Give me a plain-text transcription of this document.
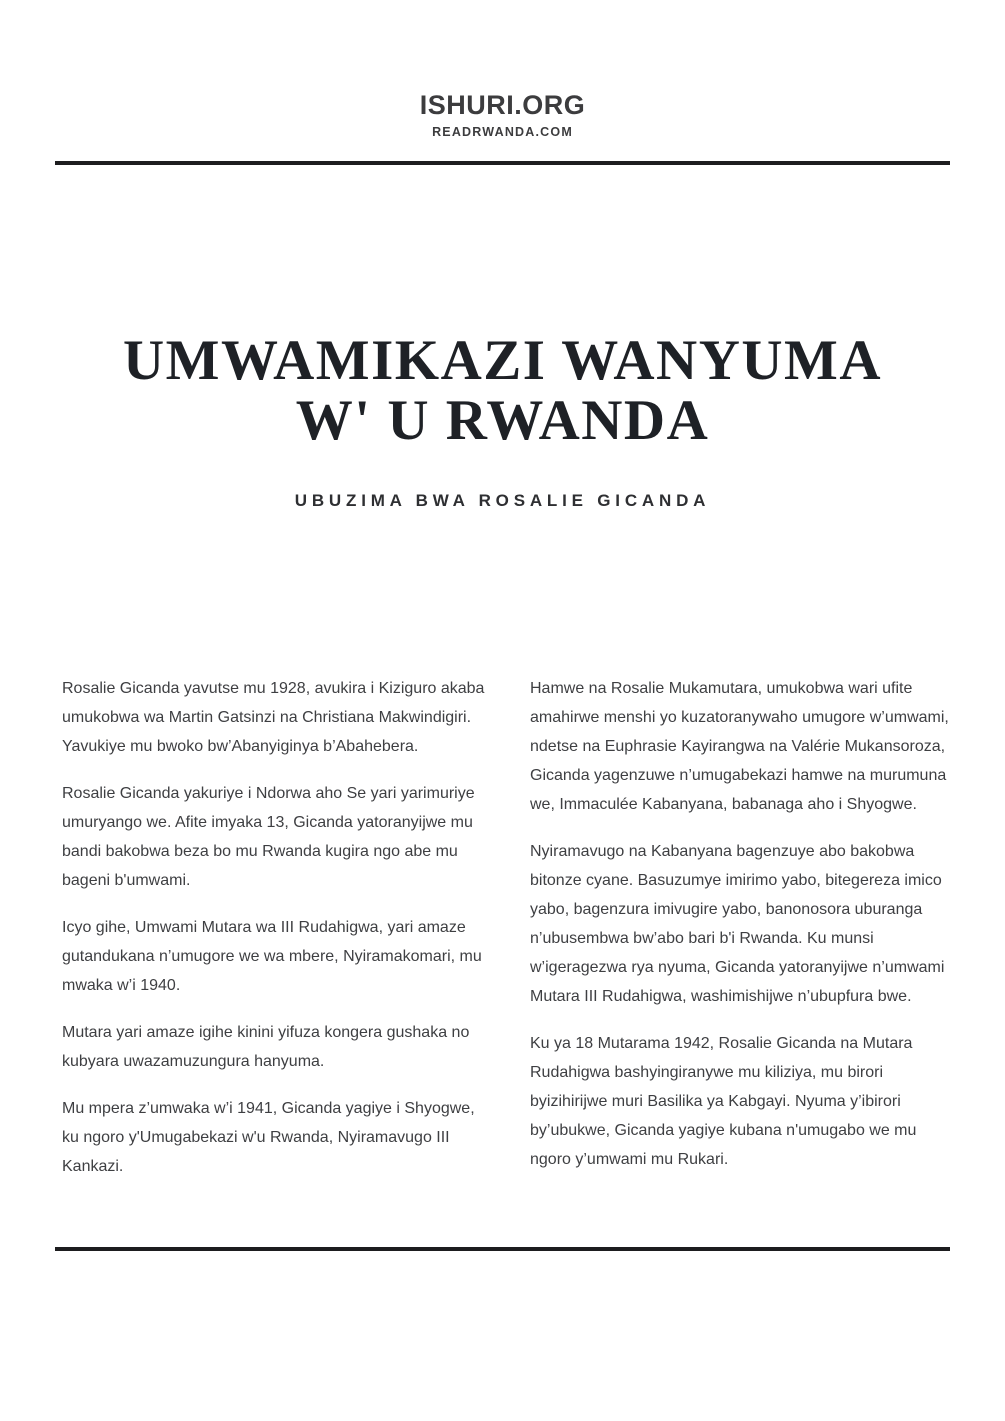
ISHURI.ORG
READRWANDA.COM
UMWAMIKAZI WANYUMA
W' U RWANDA
UBUZIMA BWA ROSALIE GICANDA

Rosalie Gicanda yavutse mu 1928, avukira i Kiziguro akaba umukobwa wa Martin Gatsinzi na Christiana Makwindigiri. Yavukiye mu bwoko bw’Abanyiginya b’Abahebera.

Rosalie Gicanda yakuriye i Ndorwa aho Se yari yarimuriye umuryango we. Afite imyaka 13, Gicanda yatoranyijwe mu bandi bakobwa beza bo mu Rwanda kugira ngo abe mu bageni b'umwami.

Icyo gihe, Umwami Mutara wa III Rudahigwa, yari amaze gutandukana n’umugore we wa mbere, Nyiramakomari, mu mwaka w’i 1940.

Mutara yari amaze igihe kinini yifuza kongera gushaka no kubyara uwazamuzungura hanyuma.

Mu mpera z’umwaka w’i 1941, Gicanda yagiye i Shyogwe, ku ngoro y'Umugabekazi w'u Rwanda, Nyiramavugo III Kankazi.

Hamwe na Rosalie Mukamutara, umukobwa wari ufite amahirwe menshi yo kuzatoranywaho umugore w’umwami, ndetse na Euphrasie Kayirangwa na Valérie Mukansoroza, Gicanda yagenzuwe n’umugabekazi hamwe na murumuna we, Immaculée Kabanyana, babanaga aho i Shyogwe.

Nyiramavugo na Kabanyana bagenzuye abo bakobwa bitonze cyane. Basuzumye imirimo yabo, bitegereza imico yabo, bagenzura imivugire yabo, banonosora uburanga n’ubusembwa bw’abo bari b'i Rwanda. Ku munsi w’igeragezwa rya nyuma, Gicanda yatoranyijwe n’umwami Mutara III Rudahigwa, washimishijwe n’ubupfura bwe.

Ku ya 18 Mutarama 1942, Rosalie Gicanda na Mutara Rudahigwa bashyingiranywe mu kiliziya, mu birori byizihirijwe muri Basilika ya Kabgayi. Nyuma y’ibirori by’ubukwe, Gicanda yagiye kubana n'umugabo we mu ngoro y’umwami mu Rukari.
